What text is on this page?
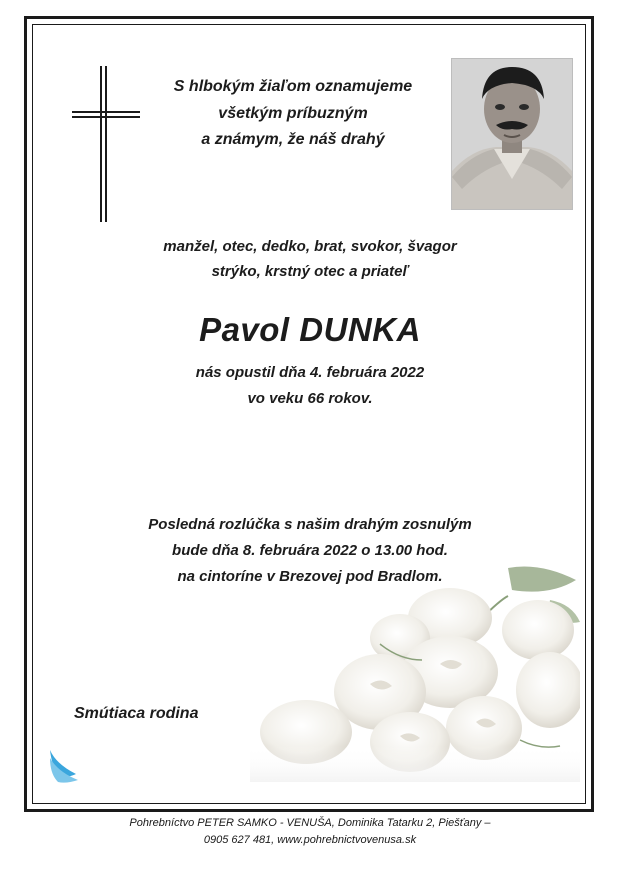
S hlbokým žiaľom oznamujeme
všetkým príbuzným
a známym, že náš drahý
manžel, otec, dedko, brat, svokor, švagor
strýko, krstný otec a priateľ
Pavol DUNKA
nás opustil dňa 4. februára 2022
vo veku 66 rokov.
Posledná rozlúčka s našim drahým zosnulým
bude dňa 8. februára 2022 o 13.00 hod.
na cintoríne v Brezovej pod Bradlom.
Smútiaca rodina
Pohrebníctvo PETER SAMKO - VENUŠA, Dominika Tatarku 2, Piešťany –
0905 627 481, www.pohrebnictvovenusa.sk
